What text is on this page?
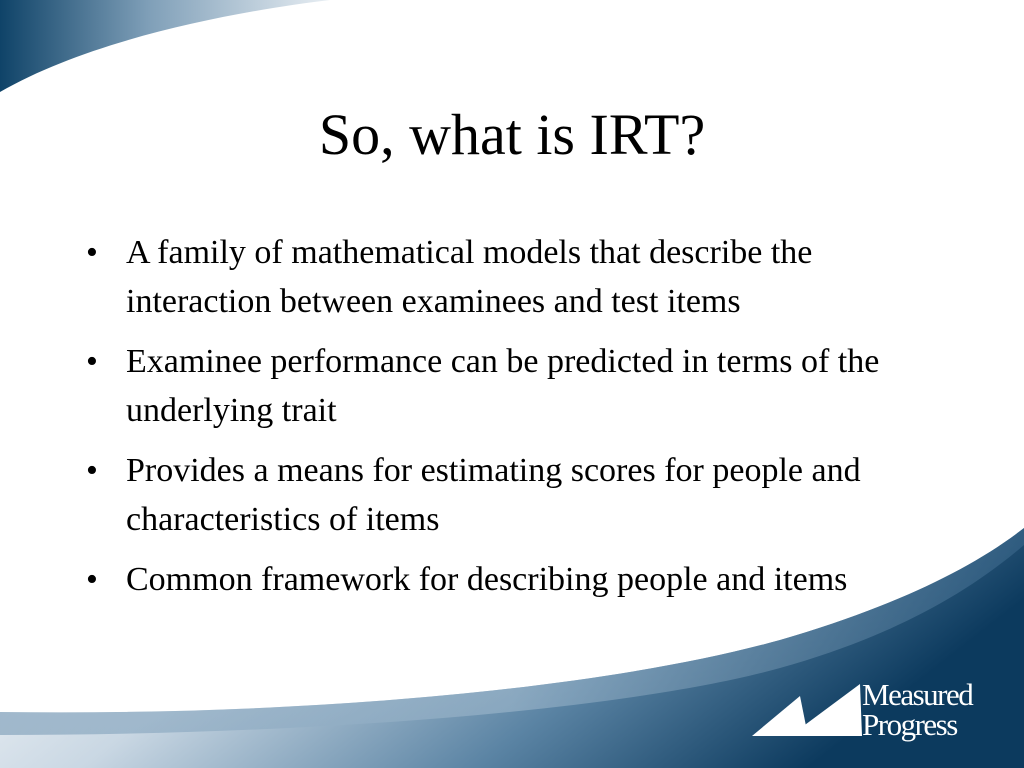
So, what is IRT?
• A family of mathematical models that describe the interaction between examinees and test items
• Examinee performance can be predicted in terms of the underlying trait
• Provides a means for estimating scores for people and characteristics of items
• Common framework for describing people and items
Measured
Progress
